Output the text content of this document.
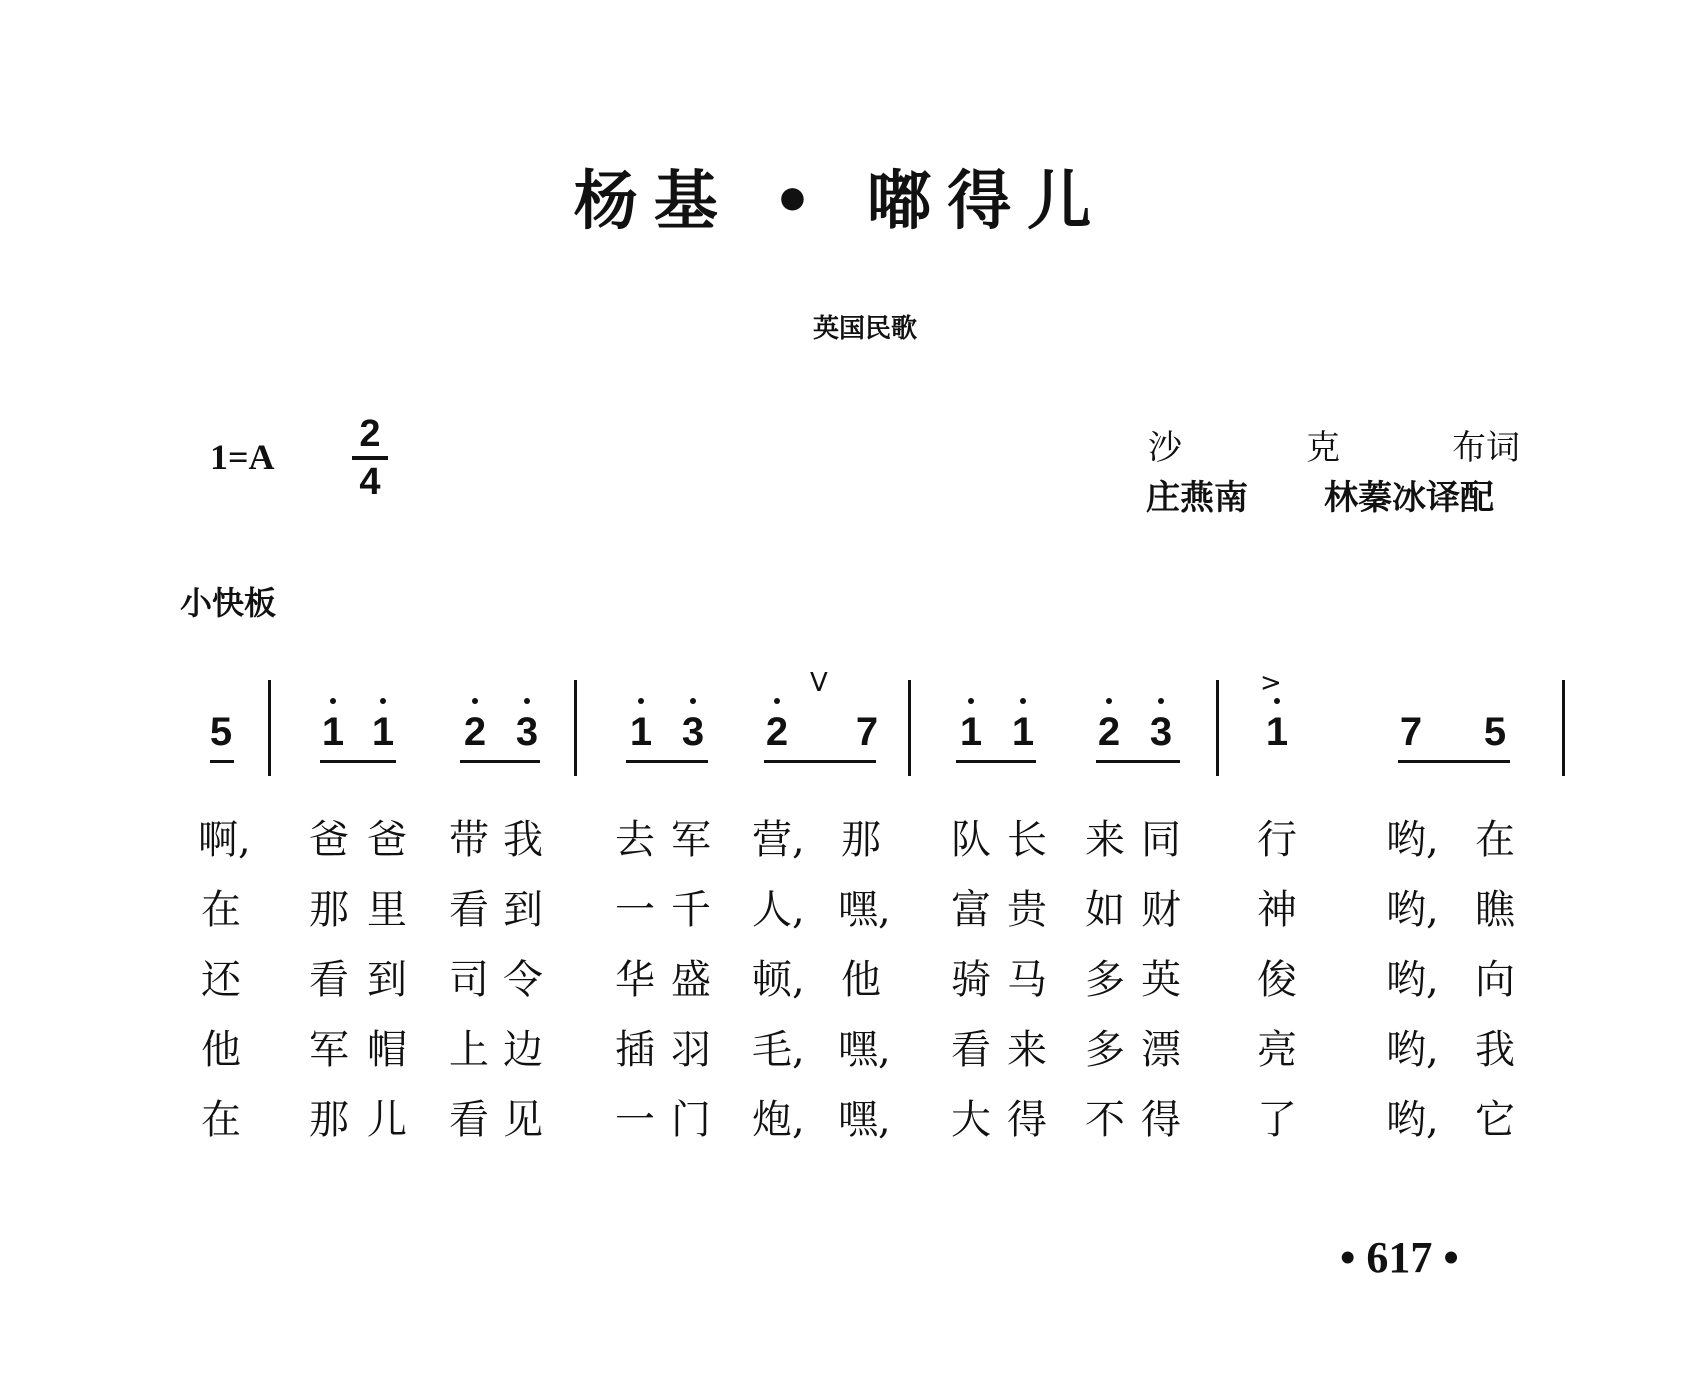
杨基 • 嘟得儿
英国民歌
1=A
2
4
沙	克	布词
庄燕南 林蓁冰译配
小快板
5 1 1 2 3 1 3
V
2 7 1 1 2 3
>
1	7 5
啊, 爸 爸 带 我 去 军 营, 那 队 长 来 同 行 哟, 在
在 那 里 看 到 一 千 人, 嘿, 富 贵 如 财 神 哟, 瞧
还 看 到 司 令 华 盛 顿, 他 骑 马 多 英 俊 哟, 向
他 军 帽 上 边 插 羽 毛, 嘿, 看 来 多 漂 亮 哟, 我
在 那 儿 看 见 一 门 炮, 嘿, 大 得 不 得 了 哟, 它
• 617 •
